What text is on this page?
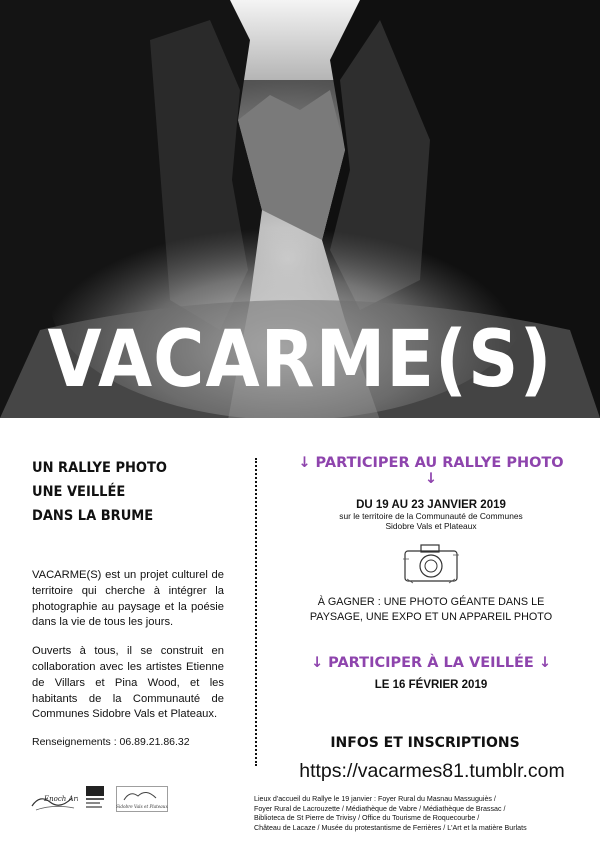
VACARME(S)
UN RALLYE PHOTO
UNE VEILLÉE
DANS LA BRUME
VACARME(S) est un projet culturel de territoire qui cherche à intégrer la photographie au paysage et la poésie dans la vie de tous les jours.
Ouverts à tous, il se construit en collaboration avec les artistes Etienne de Villars et Pina Wood, et les habitants de la Communauté de Communes Sidobre Vals et Plateaux.
Renseignements : 06.89.21.86.32
↓ PARTICIPER AU RALLYE PHOTO ↓
DU 19 AU 23 JANVIER 2019
sur le territoire de la Communauté de Communes
Sidobre Vals et Plateaux
À GAGNER : UNE PHOTO GÉANTE DANS LE PAYSAGE, UNE EXPO ET UN APPAREIL PHOTO
↓ PARTICIPER À LA VEILLÉE ↓
LE 16 FÉVRIER 2019
INFOS ET INSCRIPTIONS
https://vacarmes81.tumblr.com
Lieux d'accueil du Rallye le 19 janvier : Foyer Rural du Masnau Massuguiès /
Foyer Rural de Lacrouzette / Médiathèque de Vabre / Médiathèque de Brassac /
Biblioteca de St Pierre de Trivisy / Office du Tourisme de Roquecourbe /
Château de Lacaze / Musée du protestantisme de Ferrières / L'Art et la matière Burlats
Enoch Art
Sidobre Vals et Plateaux
